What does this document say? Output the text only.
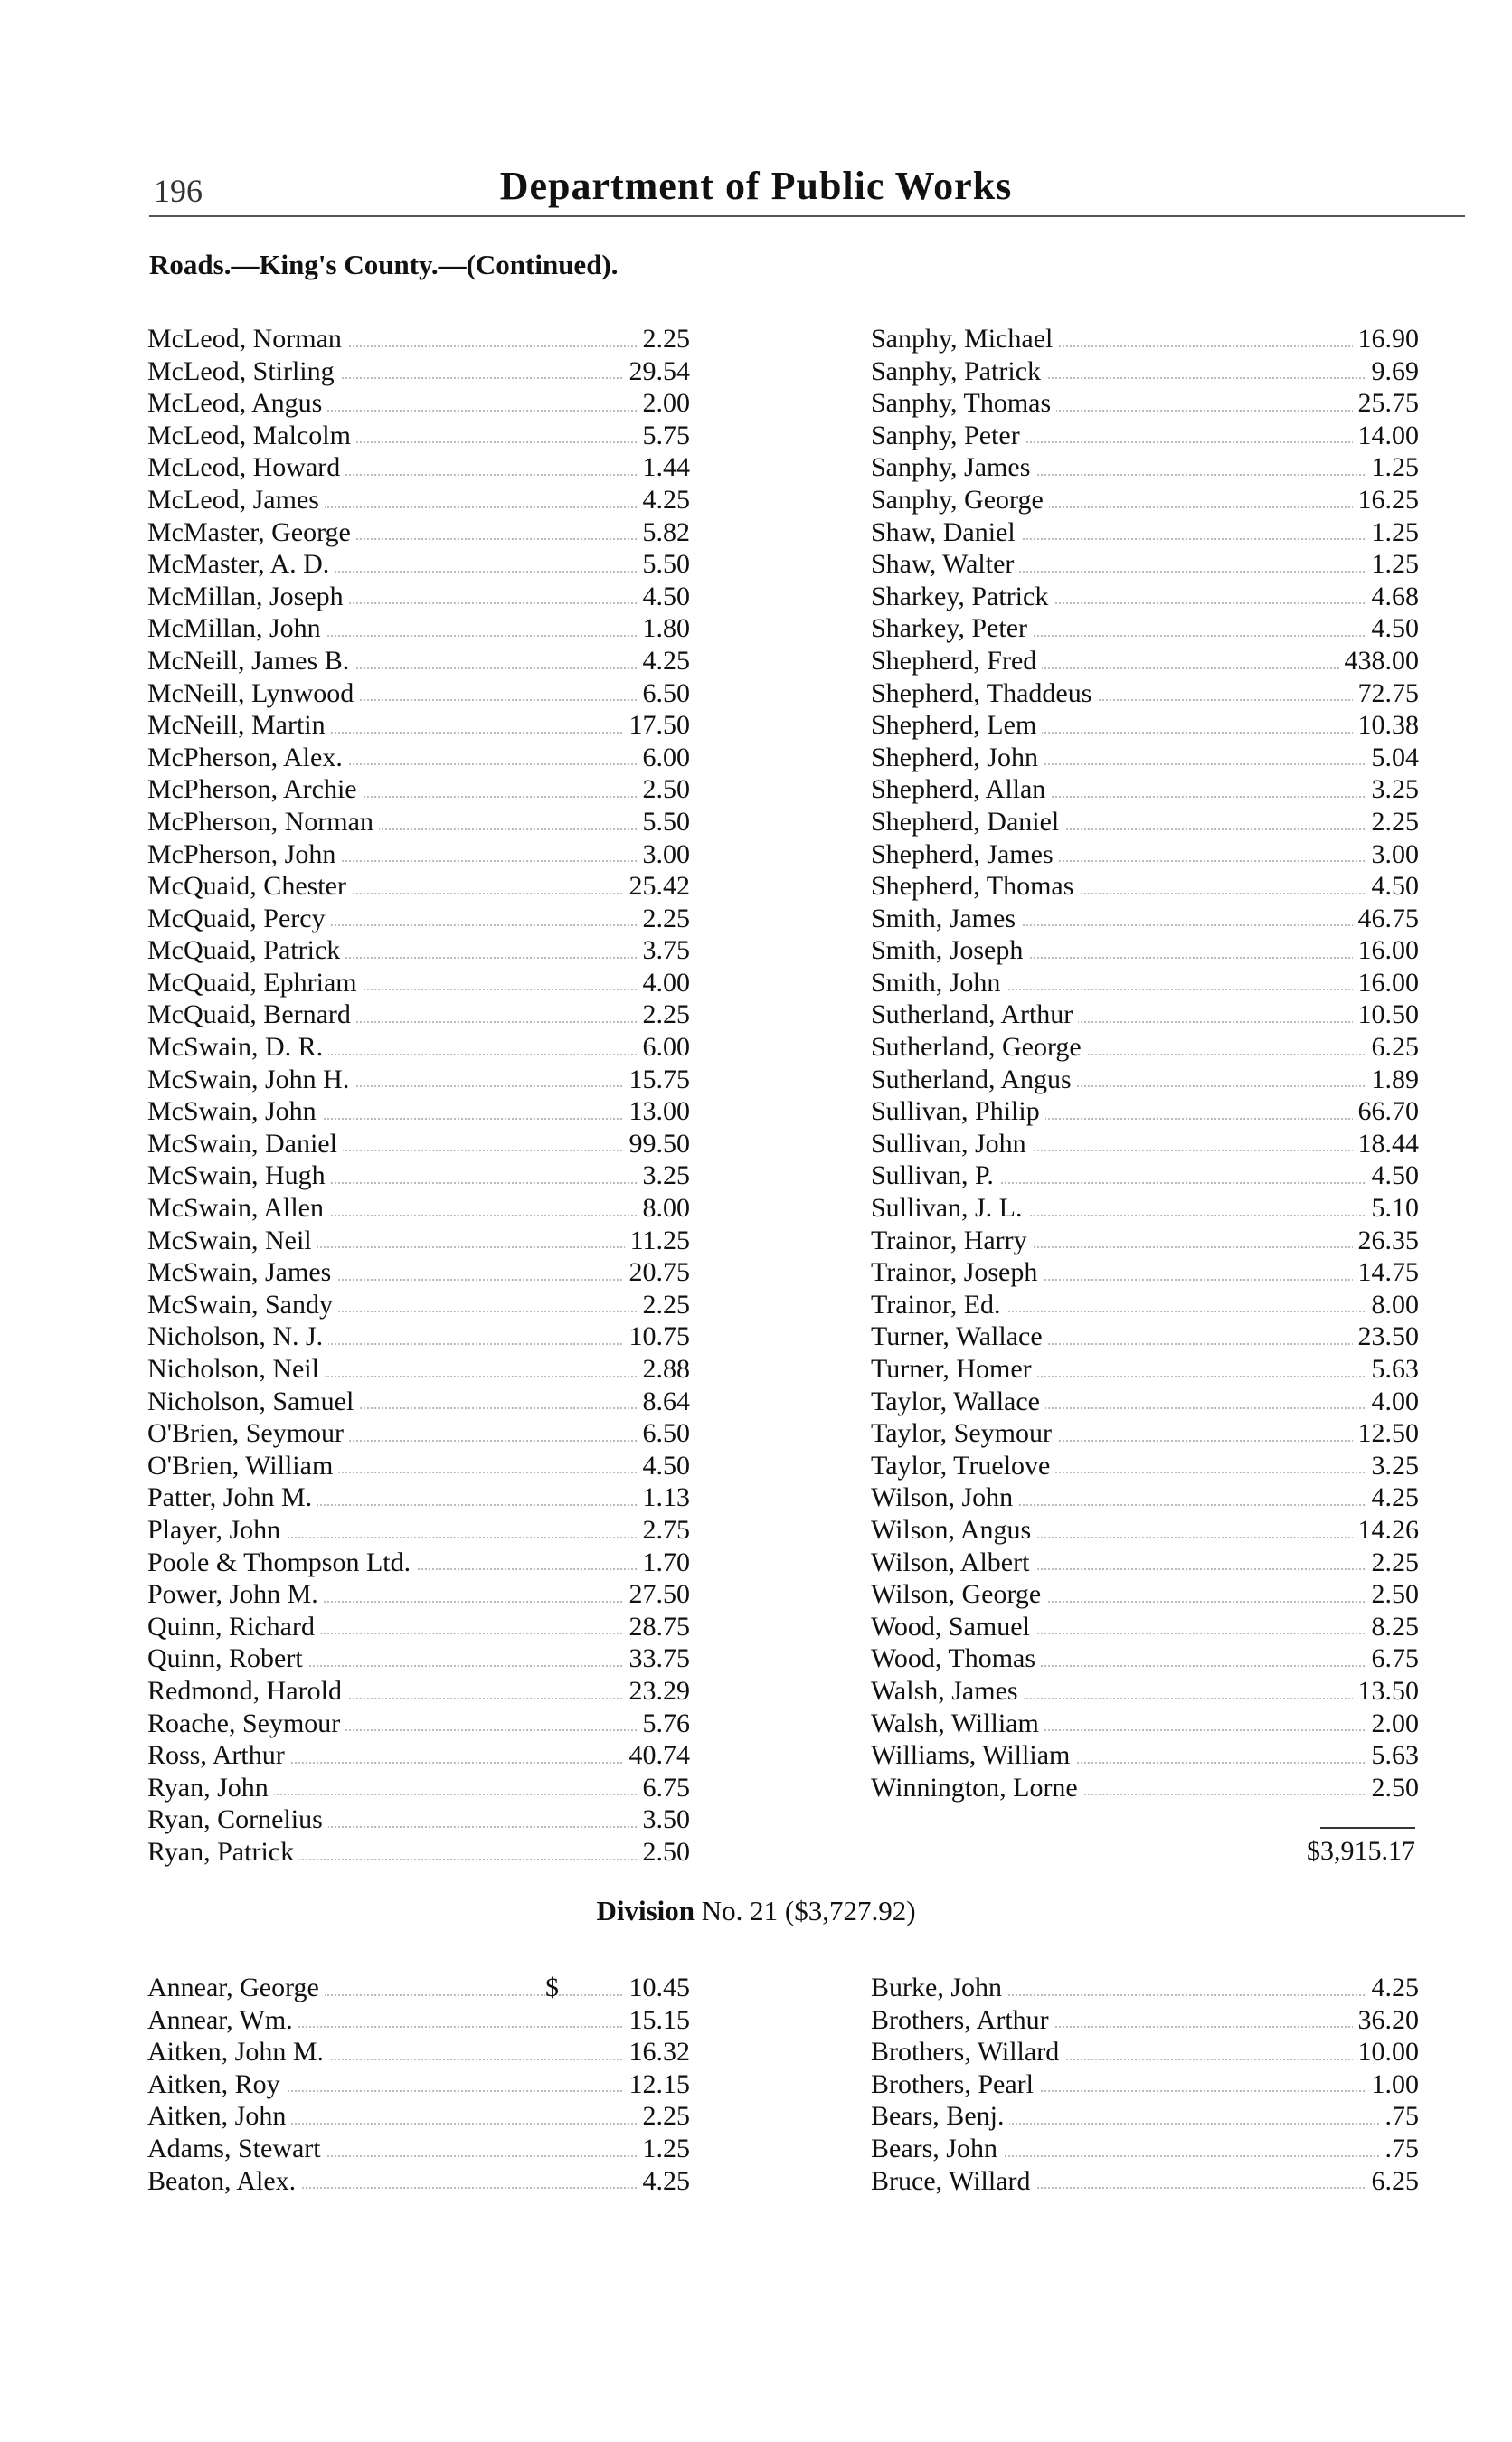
196	Department of Public Works
Roads.—King's County.—(Continued).
McLeod, Norman	2.25
McLeod, Stirling	29.54
McLeod, Angus	2.00
McLeod, Malcolm	5.75
McLeod, Howard	1.44
McLeod, James	4.25
McMaster, George	5.82
McMaster, A. D.	5.50
McMillan, Joseph	4.50
McMillan, John	1.80
McNeill, James B.	4.25
McNeill, Lynwood	6.50
McNeill, Martin	17.50
McPherson, Alex.	6.00
McPherson, Archie	2.50
McPherson, Norman	5.50
McPherson, John	3.00
McQuaid, Chester	25.42
McQuaid, Percy	2.25
McQuaid, Patrick	3.75
McQuaid, Ephriam	4.00
McQuaid, Bernard	2.25
McSwain, D. R.	6.00
McSwain, John H.	15.75
McSwain, John	13.00
McSwain, Daniel	99.50
McSwain, Hugh	3.25
McSwain, Allen	8.00
McSwain, Neil	11.25
McSwain, James	20.75
McSwain, Sandy	2.25
Nicholson, N. J.	10.75
Nicholson, Neil	2.88
Nicholson, Samuel	8.64
O'Brien, Seymour	6.50
O'Brien, William	4.50
Patter, John M.	1.13
Player, John	2.75
Poole & Thompson Ltd.	1.70
Power, John M.	27.50
Quinn, Richard	28.75
Quinn, Robert	33.75
Redmond, Harold	23.29
Roache, Seymour	5.76
Ross, Arthur	40.74
Ryan, John	6.75
Ryan, Cornelius	3.50
Ryan, Patrick	2.50
Sanphy, Michael	16.90
Sanphy, Patrick	9.69
Sanphy, Thomas	25.75
Sanphy, Peter	14.00
Sanphy, James	1.25
Sanphy, George	16.25
Shaw, Daniel	1.25
Shaw, Walter	1.25
Sharkey, Patrick	4.68
Sharkey, Peter	4.50
Shepherd, Fred	438.00
Shepherd, Thaddeus	72.75
Shepherd, Lem	10.38
Shepherd, John	5.04
Shepherd, Allan	3.25
Shepherd, Daniel	2.25
Shepherd, James	3.00
Shepherd, Thomas	4.50
Smith, James	46.75
Smith, Joseph	16.00
Smith, John	16.00
Sutherland, Arthur	10.50
Sutherland, George	6.25
Sutherland, Angus	1.89
Sullivan, Philip	66.70
Sullivan, John	18.44
Sullivan, P.	4.50
Sullivan, J. L.	5.10
Trainor, Harry	26.35
Trainor, Joseph	14.75
Trainor, Ed.	8.00
Turner, Wallace	23.50
Turner, Homer	5.63
Taylor, Wallace	4.00
Taylor, Seymour	12.50
Taylor, Truelove	3.25
Wilson, John	4.25
Wilson, Angus	14.26
Wilson, Albert	2.25
Wilson, George	2.50
Wood, Samuel	8.25
Wood, Thomas	6.75
Walsh, James	13.50
Walsh, William	2.00
Williams, William	5.63
Winnington, Lorne	2.50
$3,915.17
Division No. 21 ($3,727.92)
Annear, George	10.45
$
Annear, Wm.	15.15
Aitken, John M.	16.32
Aitken, Roy	12.15
Aitken, John	2.25
Adams, Stewart	1.25
Beaton, Alex.	4.25
Burke, John	4.25
Brothers, Arthur	36.20
Brothers, Willard	10.00
Brothers, Pearl	1.00
Bears, Benj.	.75
Bears, John	.75
Bruce, Willard	6.25
